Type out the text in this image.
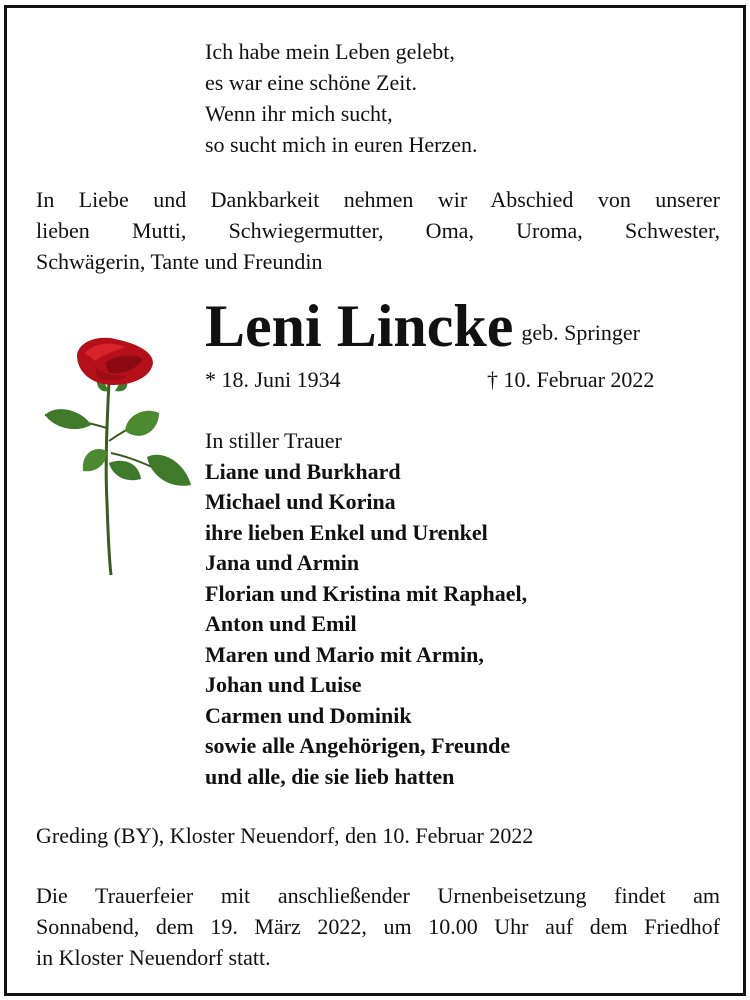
Ich habe mein Leben gelebt,
es war eine schöne Zeit.
Wenn ihr mich sucht,
so sucht mich in euren Herzen.
In Liebe und Dankbarkeit nehmen wir Abschied von unserer
lieben Mutti, Schwiegermutter, Oma, Uroma, Schwester,
Schwägerin, Tante und Freundin
Leni Lincke geb. Springer
* 18. Juni 1934	† 10. Februar 2022
In stiller Trauer
Liane und Burkhard
Michael und Korina
ihre lieben Enkel und Urenkel
Jana und Armin
Florian und Kristina mit Raphael,
Anton und Emil
Maren und Mario mit Armin,
Johan und Luise
Carmen und Dominik
sowie alle Angehörigen, Freunde
und alle, die sie lieb hatten
Greding (BY), Kloster Neuendorf, den 10. Februar 2022
Die Trauerfeier mit anschließender Urnenbeisetzung findet am
Sonnabend, dem 19. März 2022, um 10.00 Uhr auf dem Friedhof
in Kloster Neuendorf statt.
